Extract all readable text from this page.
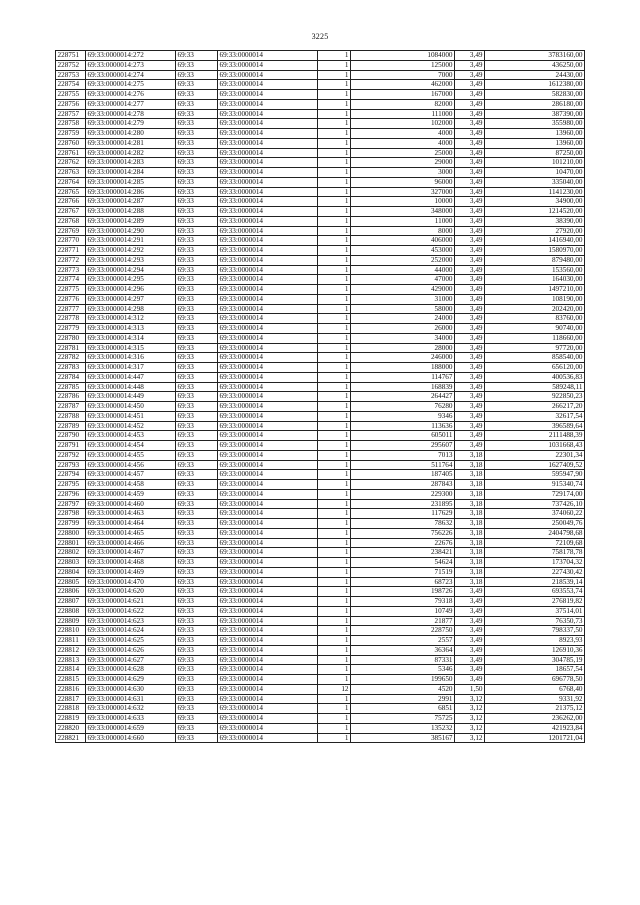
3225
228751	69:33:0000014:272	69:33	69:33:0000014	1	1084000	3,49	3783160,00
228752	69:33:0000014:273	69:33	69:33:0000014	1	125000	3,49	436250,00
228753	69:33:0000014:274	69:33	69:33:0000014	1	7000	3,49	24430,00
228754	69:33:0000014:275	69:33	69:33:0000014	1	462000	3,49	1612380,00
228755	69:33:0000014:276	69:33	69:33:0000014	1	167000	3,49	582830,00
228756	69:33:0000014:277	69:33	69:33:0000014	1	82000	3,49	286180,00
228757	69:33:0000014:278	69:33	69:33:0000014	1	111000	3,49	387390,00
228758	69:33:0000014:279	69:33	69:33:0000014	1	102000	3,49	355980,00
228759	69:33:0000014:280	69:33	69:33:0000014	1	4000	3,49	13960,00
228760	69:33:0000014:281	69:33	69:33:0000014	1	4000	3,49	13960,00
228761	69:33:0000014:282	69:33	69:33:0000014	1	25000	3,49	87250,00
228762	69:33:0000014:283	69:33	69:33:0000014	1	29000	3,49	101210,00
228763	69:33:0000014:284	69:33	69:33:0000014	1	3000	3,49	10470,00
228764	69:33:0000014:285	69:33	69:33:0000014	1	96000	3,49	335040,00
228765	69:33:0000014:286	69:33	69:33:0000014	1	327000	3,49	1141230,00
228766	69:33:0000014:287	69:33	69:33:0000014	1	10000	3,49	34900,00
228767	69:33:0000014:288	69:33	69:33:0000014	1	348000	3,49	1214520,00
228768	69:33:0000014:289	69:33	69:33:0000014	1	11000	3,49	38390,00
228769	69:33:0000014:290	69:33	69:33:0000014	1	8000	3,49	27920,00
228770	69:33:0000014:291	69:33	69:33:0000014	1	406000	3,49	1416940,00
228771	69:33:0000014:292	69:33	69:33:0000014	1	453000	3,49	1580970,00
228772	69:33:0000014:293	69:33	69:33:0000014	1	252000	3,49	879480,00
228773	69:33:0000014:294	69:33	69:33:0000014	1	44000	3,49	153560,00
228774	69:33:0000014:295	69:33	69:33:0000014	1	47000	3,49	164030,00
228775	69:33:0000014:296	69:33	69:33:0000014	1	429000	3,49	1497210,00
228776	69:33:0000014:297	69:33	69:33:0000014	1	31000	3,49	108190,00
228777	69:33:0000014:298	69:33	69:33:0000014	1	58000	3,49	202420,00
228778	69:33:0000014:312	69:33	69:33:0000014	1	24000	3,49	83760,00
228779	69:33:0000014:313	69:33	69:33:0000014	1	26000	3,49	90740,00
228780	69:33:0000014:314	69:33	69:33:0000014	1	34000	3,49	118660,00
228781	69:33:0000014:315	69:33	69:33:0000014	1	28000	3,49	97720,00
228782	69:33:0000014:316	69:33	69:33:0000014	1	246000	3,49	858540,00
228783	69:33:0000014:317	69:33	69:33:0000014	1	188000	3,49	656120,00
228784	69:33:0000014:447	69:33	69:33:0000014	1	114767	3,49	400536,83
228785	69:33:0000014:448	69:33	69:33:0000014	1	168839	3,49	589248,11
228786	69:33:0000014:449	69:33	69:33:0000014	1	264427	3,49	922850,23
228787	69:33:0000014:450	69:33	69:33:0000014	1	76280	3,49	266217,20
228788	69:33:0000014:451	69:33	69:33:0000014	1	9346	3,49	32617,54
228789	69:33:0000014:452	69:33	69:33:0000014	1	113636	3,49	396589,64
228790	69:33:0000014:453	69:33	69:33:0000014	1	605011	3,49	2111488,39
228791	69:33:0000014:454	69:33	69:33:0000014	1	295607	3,49	1031668,43
228792	69:33:0000014:455	69:33	69:33:0000014	1	7013	3,18	22301,34
228793	69:33:0000014:456	69:33	69:33:0000014	1	511764	3,18	1627409,52
228794	69:33:0000014:457	69:33	69:33:0000014	1	187405	3,18	595947,90
228795	69:33:0000014:458	69:33	69:33:0000014	1	287843	3,18	915340,74
228796	69:33:0000014:459	69:33	69:33:0000014	1	229300	3,18	729174,00
228797	69:33:0000014:460	69:33	69:33:0000014	1	231895	3,18	737426,10
228798	69:33:0000014:463	69:33	69:33:0000014	1	117629	3,18	374060,22
228799	69:33:0000014:464	69:33	69:33:0000014	1	78632	3,18	250049,76
228800	69:33:0000014:465	69:33	69:33:0000014	1	756226	3,18	2404798,68
228801	69:33:0000014:466	69:33	69:33:0000014	1	22676	3,18	72109,68
228802	69:33:0000014:467	69:33	69:33:0000014	1	238421	3,18	758178,78
228803	69:33:0000014:468	69:33	69:33:0000014	1	54624	3,18	173704,32
228804	69:33:0000014:469	69:33	69:33:0000014	1	71519	3,18	227430,42
228805	69:33:0000014:470	69:33	69:33:0000014	1	68723	3,18	218539,14
228806	69:33:0000014:620	69:33	69:33:0000014	1	198726	3,49	693553,74
228807	69:33:0000014:621	69:33	69:33:0000014	1	79318	3,49	276819,82
228808	69:33:0000014:622	69:33	69:33:0000014	1	10749	3,49	37514,01
228809	69:33:0000014:623	69:33	69:33:0000014	1	21877	3,49	76350,73
228810	69:33:0000014:624	69:33	69:33:0000014	1	228750	3,49	798337,50
228811	69:33:0000014:625	69:33	69:33:0000014	1	2557	3,49	8923,93
228812	69:33:0000014:626	69:33	69:33:0000014	1	36364	3,49	126910,36
228813	69:33:0000014:627	69:33	69:33:0000014	1	87331	3,49	304785,19
228814	69:33:0000014:628	69:33	69:33:0000014	1	5346	3,49	18657,54
228815	69:33:0000014:629	69:33	69:33:0000014	1	199650	3,49	696778,50
228816	69:33:0000014:630	69:33	69:33:0000014	12	4520	1,50	6768,40
228817	69:33:0000014:631	69:33	69:33:0000014	1	2991	3,12	9331,92
228818	69:33:0000014:632	69:33	69:33:0000014	1	6851	3,12	21375,12
228819	69:33:0000014:633	69:33	69:33:0000014	1	75725	3,12	236262,00
228820	69:33:0000014:659	69:33	69:33:0000014	1	135232	3,12	421923,84
228821	69:33:0000014:660	69:33	69:33:0000014	1	385167	3,12	1201721,04
